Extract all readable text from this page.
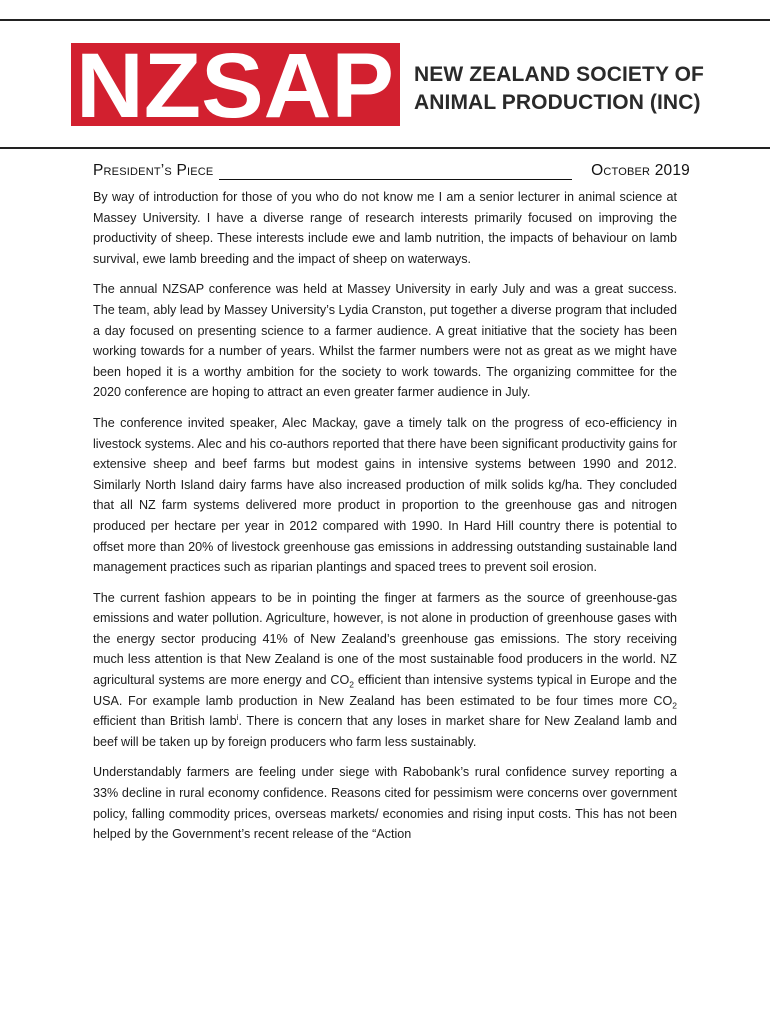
NZSAP NEW ZEALAND SOCIETY OF
ANIMAL PRODUCTION (INC)
President’s Piece	October 2019

By way of introduction for those of you who do not know me I am a senior lecturer in animal science at Massey University. I have a diverse range of research interests primarily focused on improving the productivity of sheep. These interests include ewe and lamb nutrition, the impacts of behaviour on lamb survival, ewe lamb breeding and the impact of sheep on waterways.

The annual NZSAP conference was held at Massey University in early July and was a great success. The team, ably lead by Massey University’s Lydia Cranston, put together a diverse program that included a day focused on presenting science to a farmer audience. A great initiative that the society has been working towards for a number of years. Whilst the farmer numbers were not as great as we might have been hoped it is a worthy ambition for the society to work towards. The organizing committee for the 2020 conference are hoping to attract an even greater farmer audience in July.

The conference invited speaker, Alec Mackay, gave a timely talk on the progress of eco-efficiency in livestock systems. Alec and his co-authors reported that there have been significant productivity gains for extensive sheep and beef farms but modest gains in intensive systems between 1990 and 2012. Similarly North Island dairy farms have also increased production of milk solids kg/ha. They concluded that all NZ farm systems delivered more product in proportion to the greenhouse gas and nitrogen produced per hectare per year in 2012 compared with 1990. In Hard Hill country there is potential to offset more than 20% of livestock greenhouse gas emissions in addressing outstanding sustainable land management practices such as riparian plantings and spaced trees to prevent soil erosion.

The current fashion appears to be in pointing the finger at farmers as the source of greenhouse-gas emissions and water pollution. Agriculture, however, is not alone in production of greenhouse gases with the energy sector producing 41% of New Zealand’s greenhouse gas emissions. The story receiving much less attention is that New Zealand is one of the most sustainable food producers in the world. NZ agricultural systems are more energy and $CO_2$ efficient than intensive systems typical in Europe and the USA. For example lamb production in New Zealand has been estimated to be four times more $CO_2$ efficient than British lamb$^i$. There is concern that any loses in market share for New Zealand lamb and beef will be taken up by foreign producers who farm less sustainably.

Understandably farmers are feeling under siege with Rabobank’s rural confidence survey reporting a 33% decline in rural economy confidence. Reasons cited for pessimism were concerns over government policy, falling commodity prices, overseas markets/ economies and rising input costs. This has not been helped by the Government’s recent release of the “Action
